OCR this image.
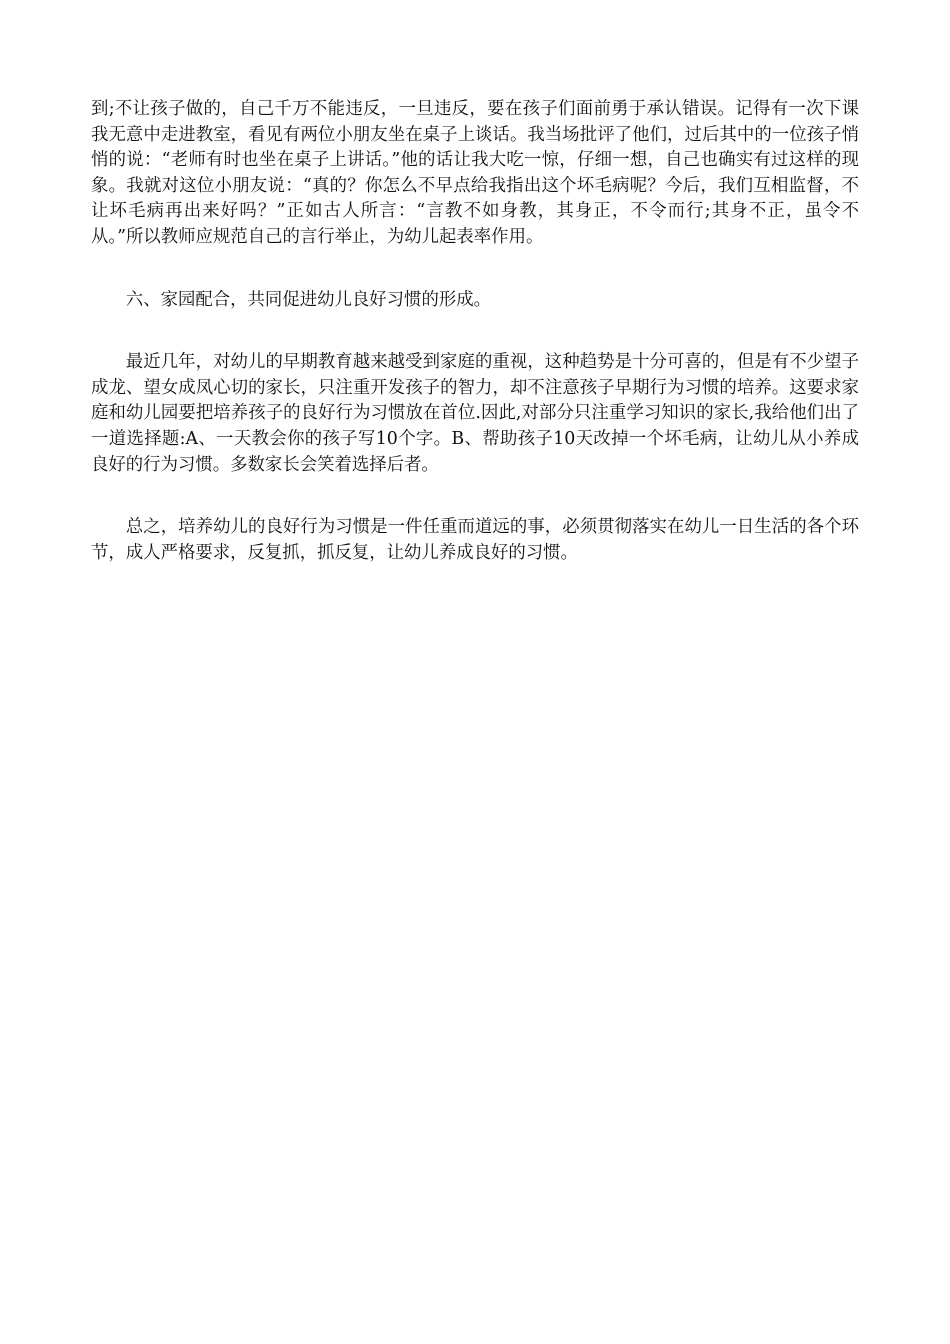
到;不让孩子做的，自己千万不能违反，一旦违反，要在孩子们面前勇于承认错误。记得有一次下课我无意中走进教室，看见有两位小朋友坐在桌子上谈话。我当场批评了他们，过后其中的一位孩子悄悄的说：“老师有时也坐在桌子上讲话。”他的话让我大吃一惊，仔细一想，自己也确实有过这样的现象。我就对这位小朋友说：“真的？你怎么不早点给我指出这个坏毛病呢？今后，我们互相监督，不让坏毛病再出来好吗？”正如古人所言：“言教不如身教，其身正，不令而行;其身不正，虽令不从。”所以教师应规范自己的言行举止，为幼儿起表率作用。

六、家园配合，共同促进幼儿良好习惯的形成。

最近几年，对幼儿的早期教育越来越受到家庭的重视，这种趋势是十分可喜的，但是有不少望子成龙、望女成凤心切的家长，只注重开发孩子的智力，却不注意孩子早期行为习惯的培养。这要求家庭和幼儿园要把培养孩子的良好行为习惯放在首位.因此,对部分只注重学习知识的家长,我给他们出了一道选择题:A、一天教会你的孩子写10个字。B、帮助孩子10天改掉一个坏毛病，让幼儿从小养成良好的行为习惯。多数家长会笑着选择后者。

总之，培养幼儿的良好行为习惯是一件任重而道远的事，必须贯彻落实在幼儿一日生活的各个环节，成人严格要求，反复抓，抓反复，让幼儿养成良好的习惯。
